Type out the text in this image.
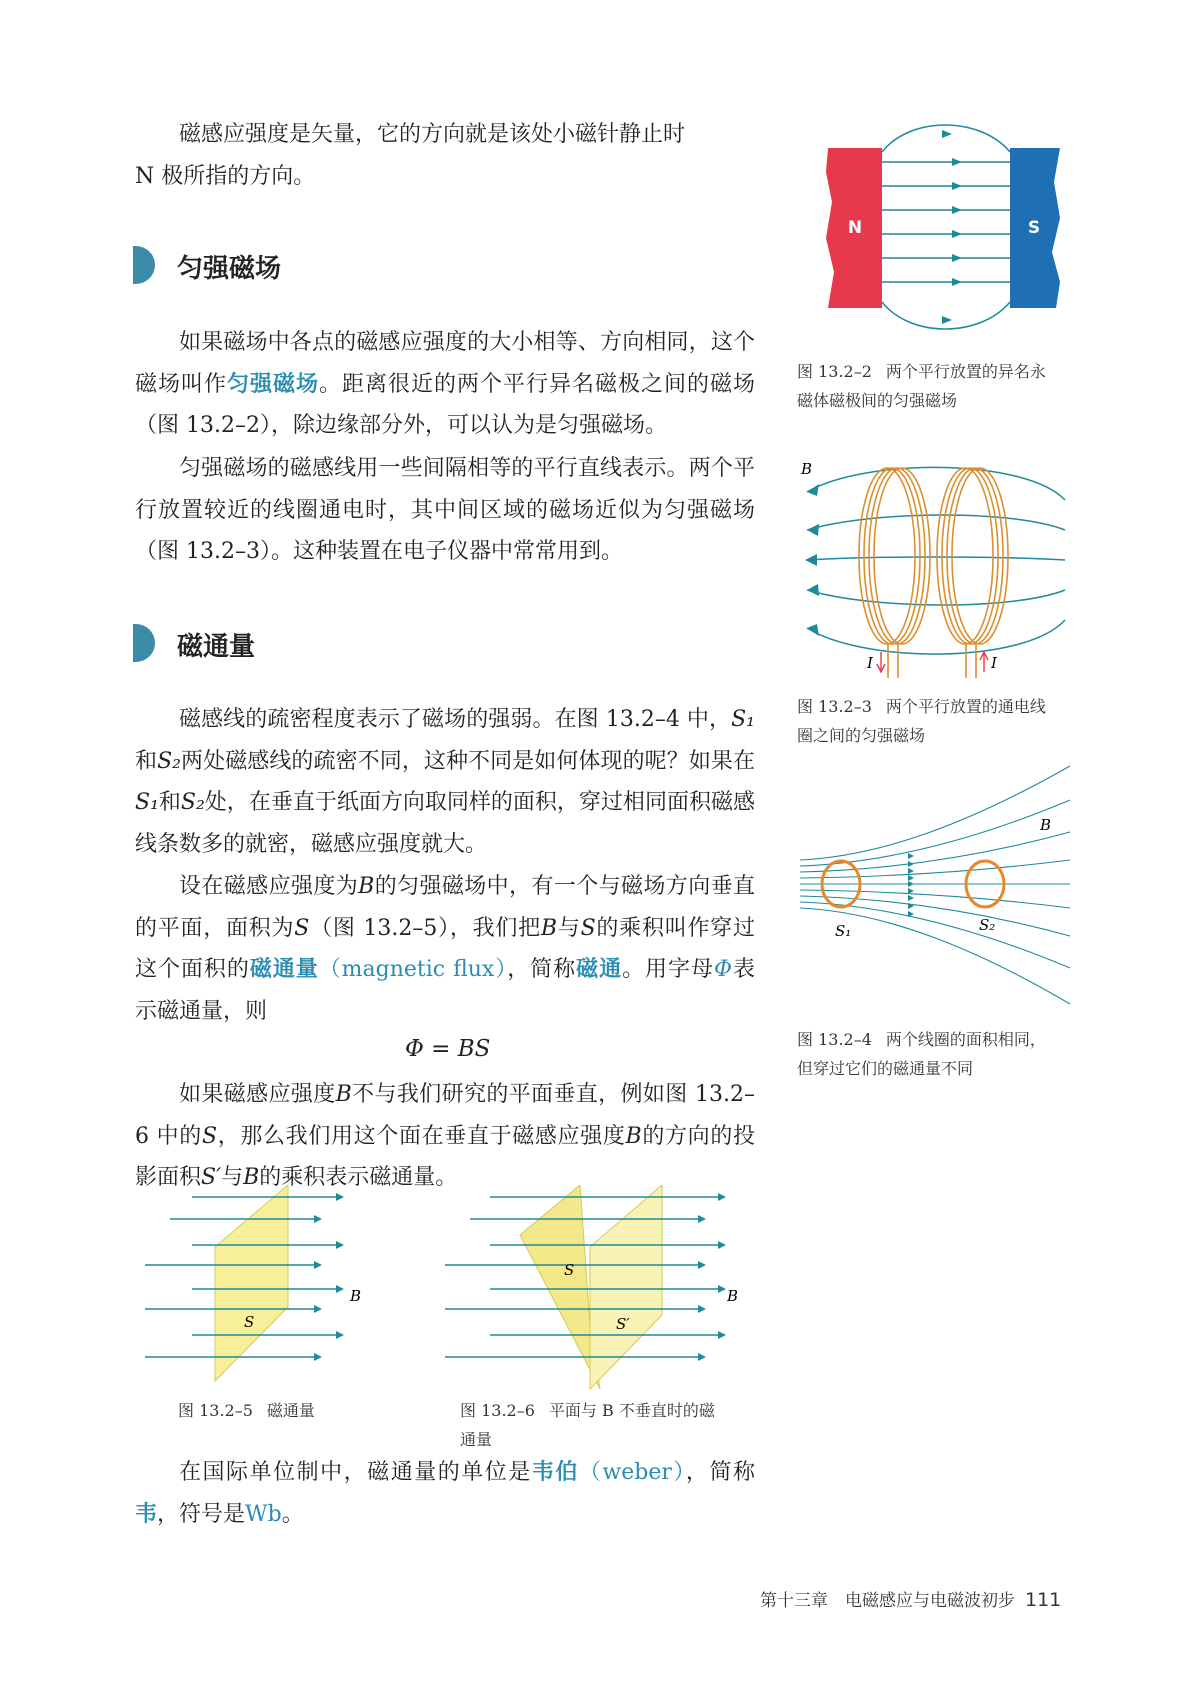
磁感应强度是矢量，它的方向就是该处小磁针静止时
N 极所指的方向。
匀强磁场
如果磁场中各点的磁感应强度的大小相等、方向相同，这个磁场叫作匀强磁场。距离很近的两个平行异名磁极之间的磁场（图 13.2–2），除边缘部分外，可以认为是匀强磁场。
匀强磁场的磁感线用一些间隔相等的平行直线表示。两个平行放置较近的线圈通电时，其中间区域的磁场近似为匀强磁场（图 13.2–3）。这种装置在电子仪器中常常用到。
磁通量
磁感线的疏密程度表示了磁场的强弱。在图 13.2–4 中，S₁和S₂两处磁感线的疏密不同，这种不同是如何体现的呢？如果在S₁和S₂处，在垂直于纸面方向取同样的面积，穿过相同面积磁感线条数多的就密，磁感应强度就大。
设在磁感应强度为B的匀强磁场中，有一个与磁场方向垂直的平面，面积为S（图 13.2–5），我们把B与S的乘积叫作穿过这个面积的磁通量（magnetic flux），简称磁通。用字母Φ表示磁通量，则
Φ = BS
如果磁感应强度B不与我们研究的平面垂直，例如图 13.2–6 中的S，那么我们用这个面在垂直于磁感应强度B的方向的投影面积S′与B的乘积表示磁通量。
在国际单位制中，磁通量的单位是韦伯（weber），简称韦，符号是Wb。
N	S
图 13.2–2 两个平行放置的异名永
磁体磁极间的匀强磁场
B
I	I
图 13.2–3 两个平行放置的通电线
圈之间的匀强磁场
B
S₁	S₂
图 13.2–4 两个线圈的面积相同，
但穿过它们的磁通量不同
S
B
图 13.2–5 磁通量
S
S′
B
图 13.2–6 平面与 B 不垂直时的磁
通量
第十三章　电磁感应与电磁波初步 111
